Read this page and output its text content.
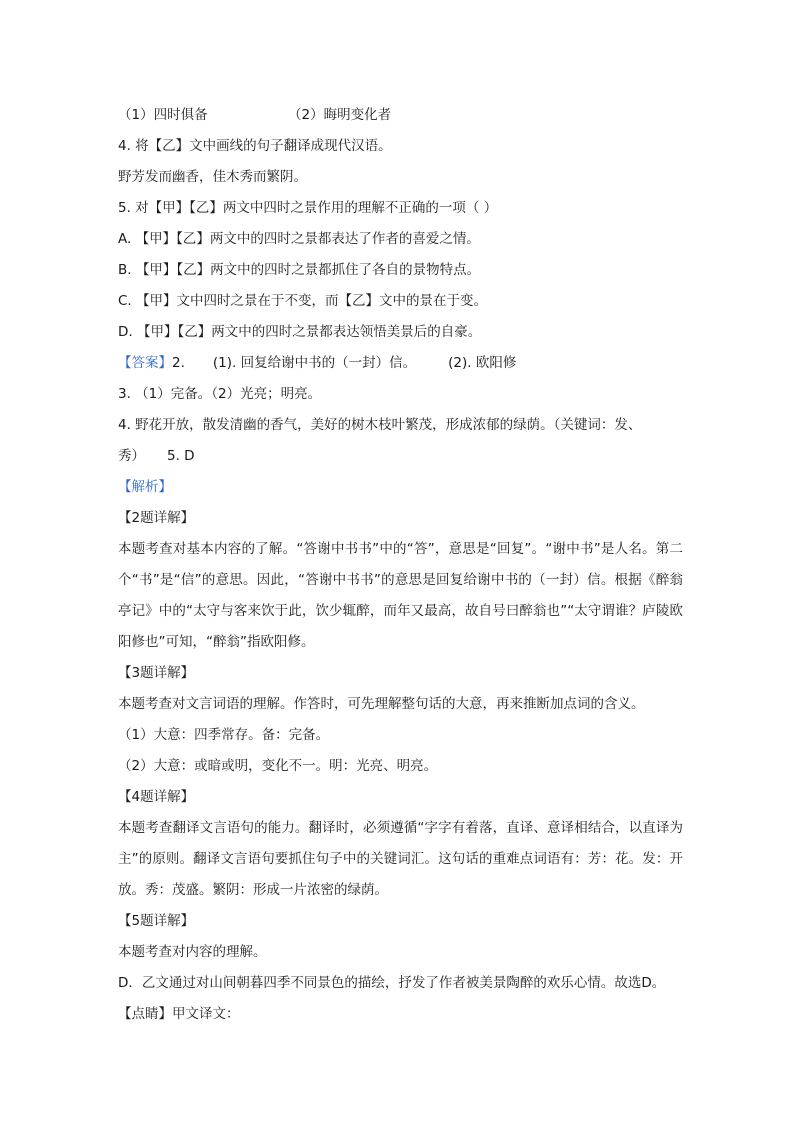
（1）四时俱备	（2）晦明变化者
4. 将【乙】文中画线的句子翻译成现代汉语。
野芳发而幽香，佳木秀而繁阴。
5. 对【甲】【乙】两文中四时之景作用的理解不正确的一项（ ）
A. 【甲】【乙】两文中的四时之景都表达了作者的喜爱之情。
B. 【甲】【乙】两文中的四时之景都抓住了各自的景物特点。
C. 【甲】文中四时之景在于不变，而【乙】文中的景在于变。
D. 【甲】【乙】两文中的四时之景都表达领悟美景后的自豪。
【答案】2. (1). 回复给谢中书的（一封）信。 (2). 欧阳修
3. （1）完备。（2）光亮；明亮。
4. 野花开放，散发清幽的香气，美好的树木枝叶繁茂，形成浓郁的绿荫。（关键词：发、
秀） 5. D
【解析】
【2题详解】
本题考查对基本内容的了解。“答谢中书书”中的“答”，意思是“回复”。“谢中书”是人名。第二个“书”是“信”的意思。因此，“答谢中书书”的意思是回复给谢中书的（一封）信。根据《醉翁亭记》中的“太守与客来饮于此，饮少辄醉，而年又最高，故自号曰醉翁也”“太守谓谁？庐陵欧阳修也”可知，“醉翁”指欧阳修。
【3题详解】
本题考查对文言词语的理解。作答时，可先理解整句话的大意，再来推断加点词的含义。
（1）大意：四季常存。备：完备。
（2）大意：或暗或明，变化不一。明：光亮、明亮。
【4题详解】
本题考查翻译文言语句的能力。翻译时，必须遵循“字字有着落，直译、意译相结合，以直译为主”的原则。翻译文言语句要抓住句子中的关键词汇。这句话的重难点词语有：芳：花。发：开放。秀：茂盛。繁阴：形成一片浓密的绿荫。
【5题详解】
本题考查对内容的理解。
D．乙文通过对山间朝暮四季不同景色的描绘，抒发了作者被美景陶醉的欢乐心情。故选D。
【点睛】甲文译文：
